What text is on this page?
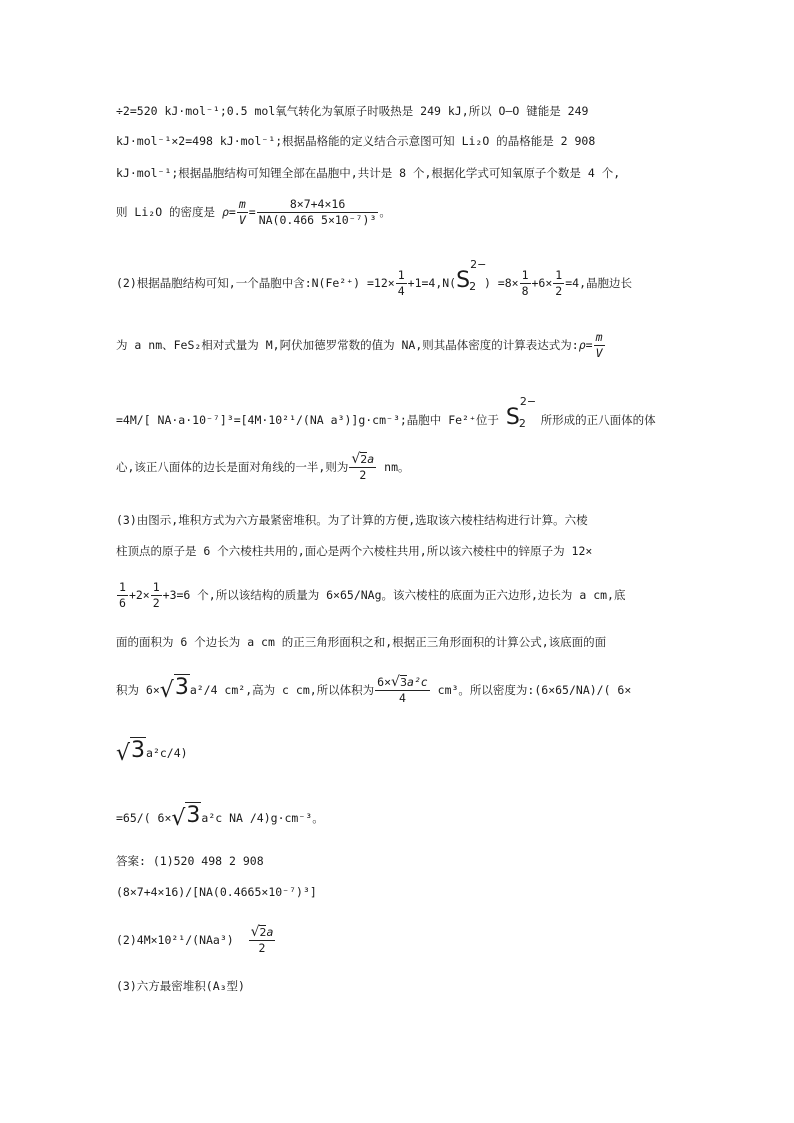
÷2=520 kJ·mol⁻¹;0.5 mol氧气转化为氧原子时吸热是 249 kJ,所以 O—O 键能是 249
kJ·mol⁻¹×2=498 kJ·mol⁻¹;根据晶格能的定义结合示意图可知 Li₂O 的晶格能是 2 908
kJ·mol⁻¹;根据晶胞结构可知锂全部在晶胞中,共计是 8 个,根据化学式可知氧原子个数是 4 个,
则 Li₂O 的密度是 $\rho= \frac{m}{V} = \frac{8\times 7+4\times 16}{\text{NA(0.466 5×10⁻⁷)³}}$ 。
(2)根据晶胞结构可知,一个晶胞中含:N(Fe²⁺) $=12\times \frac{1}{4} +1=4,N(S$
2−
2 ) $=8\times \frac{1}{8} +6\times \frac{1}{2} =4$,晶胞边长
为 a nm、FeS₂相对式量为 M,阿伏加德罗常数的值为 NA,则其晶体密度的计算表达式为:ρ= $\frac{m}{V}$
=4M/[ NA·a·10⁻⁷]³=[4M·10²¹/(NA a³)]g·cm⁻³;晶胞中 Fe²⁺位于 S
2−
2 所形成的正八面体的体
心,该正八面体的边长是面对角线的一半,则为 $\frac{√2a}{2}$ nm。
(3)由图示,堆积方式为六方最紧密堆积。为了计算的方便,选取该六棱柱结构进行计算。六棱
柱顶点的原子是 6 个六棱柱共用的,面心是两个六棱柱共用,所以该六棱柱中的锌原子为 12×
$\frac{1}{6} +2\times \frac{1}{2} +3=6$ 个,所以该结构的质量为 6×65/NAg。该六棱柱的底面为正六边形,边长为 a cm,底
面的面积为 6 个边长为 a cm 的正三角形面积之和,根据正三角形面积的计算公式,该底面的面
积为 6×√3a²/4 cm²,高为 c cm,所以体积为 $\frac{\text{6×√3a²c}}{4} cm^3$。所以密度为:(6×65/NA)/( 6×
√3a²c/4)
=65/( 6×√3a²c NA /4)g·cm⁻³。
答案: (1)520 498 2 908
(8×7+4×16)/[NA(0.4665×10⁻⁷)³]
$(2)4M\times 10^{21}/(NAa^3) \frac{√2a}{2}$
(3)六方最密堆积(A₃型)
